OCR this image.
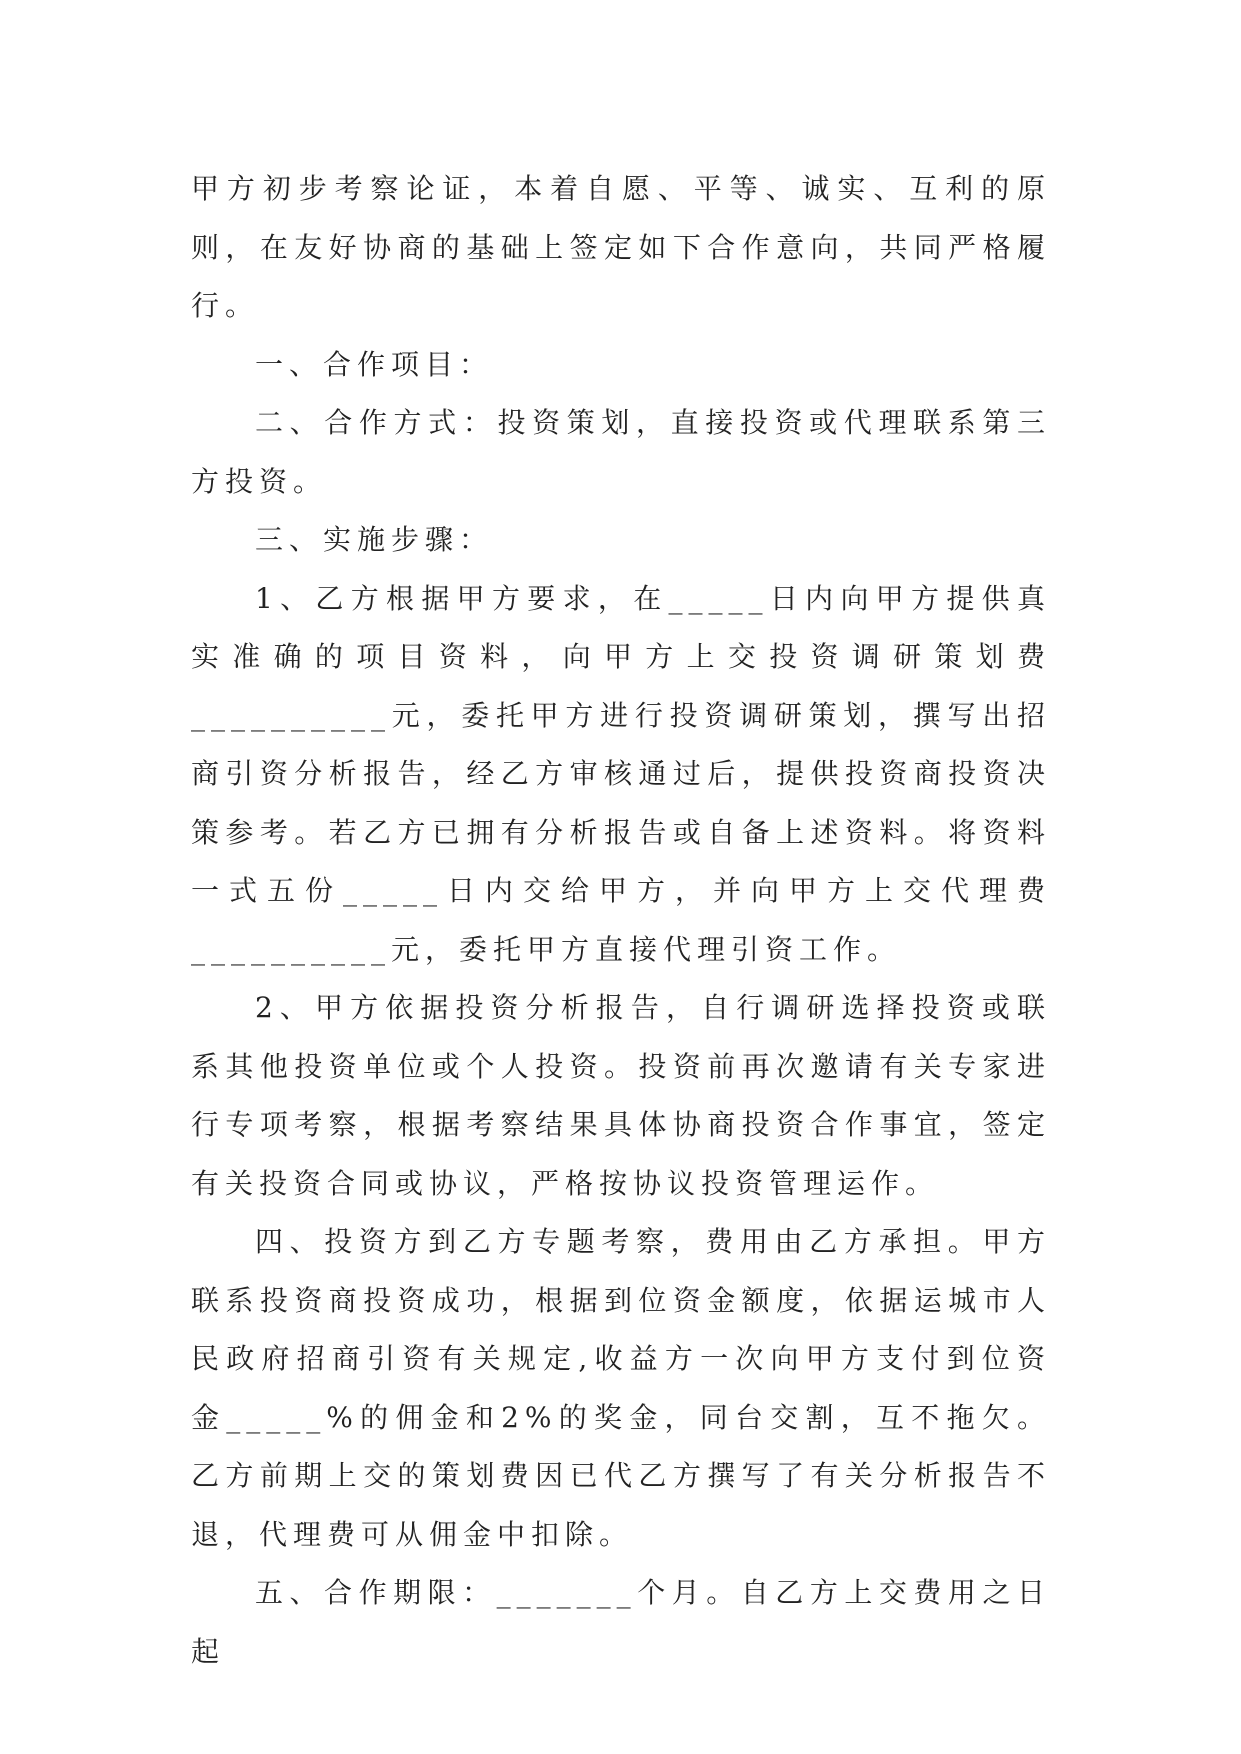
甲方初步考察论证，本着自愿、平等、诚实、互利的原则，在友好协商的基础上签定如下合作意向，共同严格履行。

一、合作项目：

二、合作方式：投资策划，直接投资或代理联系第三方投资。

三、实施步骤：

1、乙方根据甲方要求，在_____日内向甲方提供真实准确的项目资料，向甲方上交投资调研策划费__________元，委托甲方进行投资调研策划，撰写出招商引资分析报告，经乙方审核通过后，提供投资商投资决策参考。若乙方已拥有分析报告或自备上述资料。将资料一式五份_____日内交给甲方，并向甲方上交代理费__________元，委托甲方直接代理引资工作。

2、甲方依据投资分析报告，自行调研选择投资或联系其他投资单位或个人投资。投资前再次邀请有关专家进行专项考察，根据考察结果具体协商投资合作事宜，签定有关投资合同或协议，严格按协议投资管理运作。

四、投资方到乙方专题考察，费用由乙方承担。甲方联系投资商投资成功，根据到位资金额度，依据运城市人民政府招商引资有关规定,收益方一次向甲方支付到位资金_____%的佣金和2%的奖金，同台交割，互不拖欠。乙方前期上交的策划费因已代乙方撰写了有关分析报告不退，代理费可从佣金中扣除。

五、合作期限：_______个月。自乙方上交费用之日起
